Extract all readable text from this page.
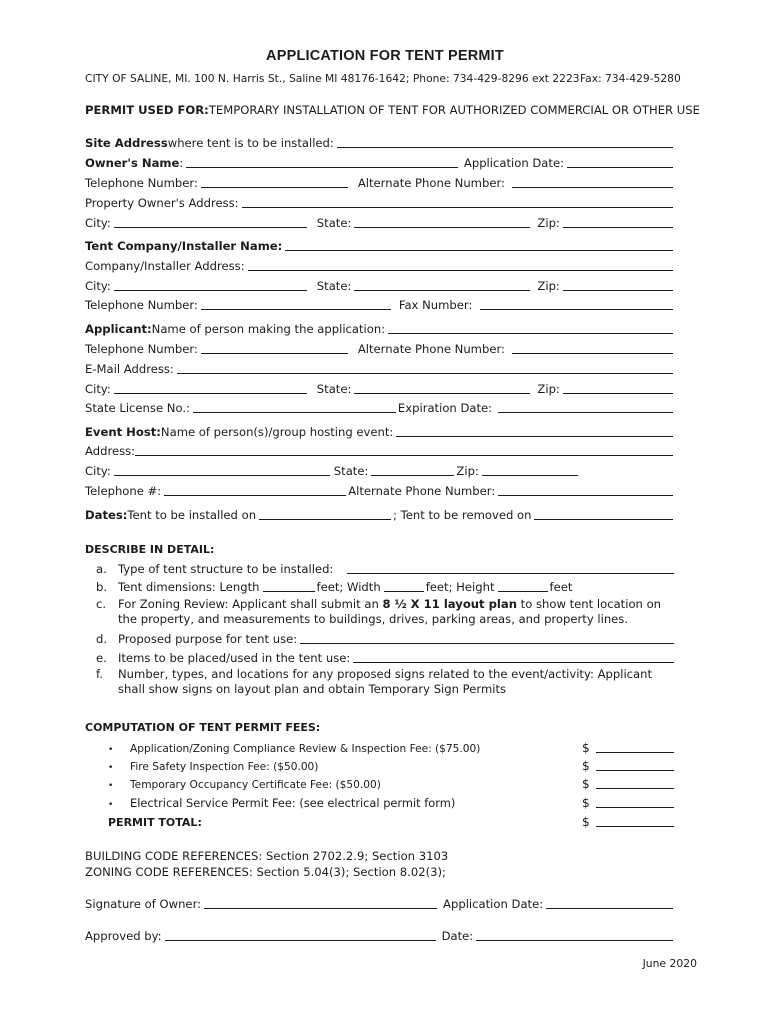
APPLICATION FOR TENT PERMIT
CITY OF SALINE, MI. 100 N. Harris St., Saline MI 48176-1642; Phone: 734-429-8296 ext 2223 Fax: 734-429-5280
PERMIT USED FOR: TEMPORARY INSTALLATION OF TENT FOR AUTHORIZED COMMERCIAL OR OTHER USE
Site Address where tent is to be installed:
Owner's Name :	Application Date:
Telephone Number:	Alternate Phone Number:
Property Owner's Address:
City:	State:	Zip:
Tent Company/Installer Name:
Company/Installer Address:
City:	State:	Zip:
Telephone Number:	Fax Number:
Applicant: Name of person making the application:
Telephone Number:	Alternate Phone Number:
E-Mail Address:
City:	State:	Zip:
State License No.:	Expiration Date:
Event Host: Name of person(s)/group hosting event:
Address:
City:	State:	Zip:
Telephone #:	Alternate Phone Number:
Dates: Tent to be installed on	; Tent to be removed on
DESCRIBE IN DETAIL:
a. Type of tent structure to be installed:
b. Tent dimensions: Length	feet; Width	feet; Height	feet
c.	For Zoning Review: Applicant shall submit an 8 ½ X 11 layout plan to show tent location on the property, and measurements to buildings, drives, parking areas, and property lines.
d. Proposed purpose for tent use:
e. Items to be placed/used in the tent use:
f.	Number, types, and locations for any proposed signs related to the event/activity: Applicant shall show signs on layout plan and obtain Temporary Sign Permits
COMPUTATION OF TENT PERMIT FEES:
•	Application/Zoning Compliance Review & Inspection Fee: ($75.00)	$
•	Fire Safety Inspection Fee: ($50.00)	$
•	Temporary Occupancy Certificate Fee: ($50.00)	$
•	Electrical Service Permit Fee: (see electrical permit form)	$
PERMIT TOTAL:	$
BUILDING CODE REFERENCES: Section 2702.2.9; Section 3103
ZONING CODE REFERENCES: Section 5.04(3); Section 8.02(3);
Signature of Owner:	Application Date:
Approved by:	Date:
June 2020
